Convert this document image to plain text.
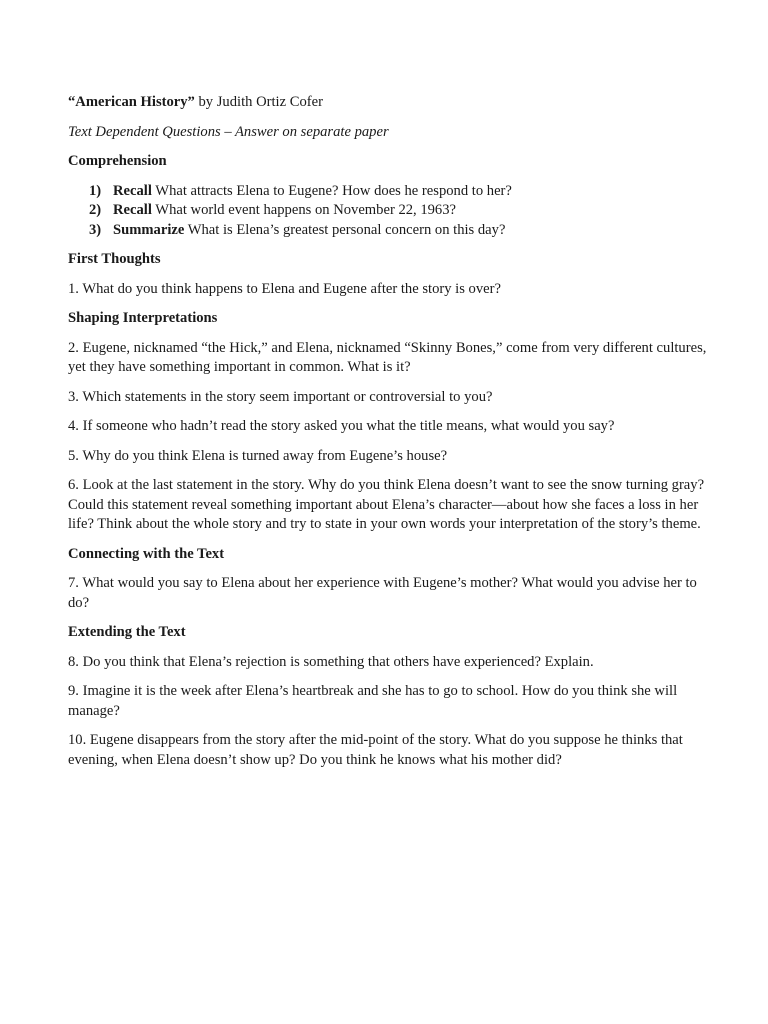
“American History” by Judith Ortiz Cofer

Text Dependent Questions – Answer on separate paper

Comprehension

1) Recall What attracts Elena to Eugene? How does he respond to her?
2) Recall What world event happens on November 22, 1963?
3) Summarize What is Elena’s greatest personal concern on this day?

First Thoughts

1. What do you think happens to Elena and Eugene after the story is over?

Shaping Interpretations

2. Eugene, nicknamed “the Hick,” and Elena, nicknamed “Skinny Bones,” come from very different cultures, yet they have something important in common. What is it?

3. Which statements in the story seem important or controversial to you?

4. If someone who hadn’t read the story asked you what the title means, what would you say?

5. Why do you think Elena is turned away from Eugene’s house?

6. Look at the last statement in the story. Why do you think Elena doesn’t want to see the snow turning gray? Could this statement reveal something important about Elena’s character—about how she faces a loss in her life? Think about the whole story and try to state in your own words your interpretation of the story’s theme.

Connecting with the Text

7. What would you say to Elena about her experience with Eugene’s mother? What would you advise her to do?

Extending the Text

8. Do you think that Elena’s rejection is something that others have experienced? Explain.

9. Imagine it is the week after Elena’s heartbreak and she has to go to school. How do you think she will manage?

10. Eugene disappears from the story after the mid-point of the story. What do you suppose he thinks that evening, when Elena doesn’t show up? Do you think he knows what his mother did?
